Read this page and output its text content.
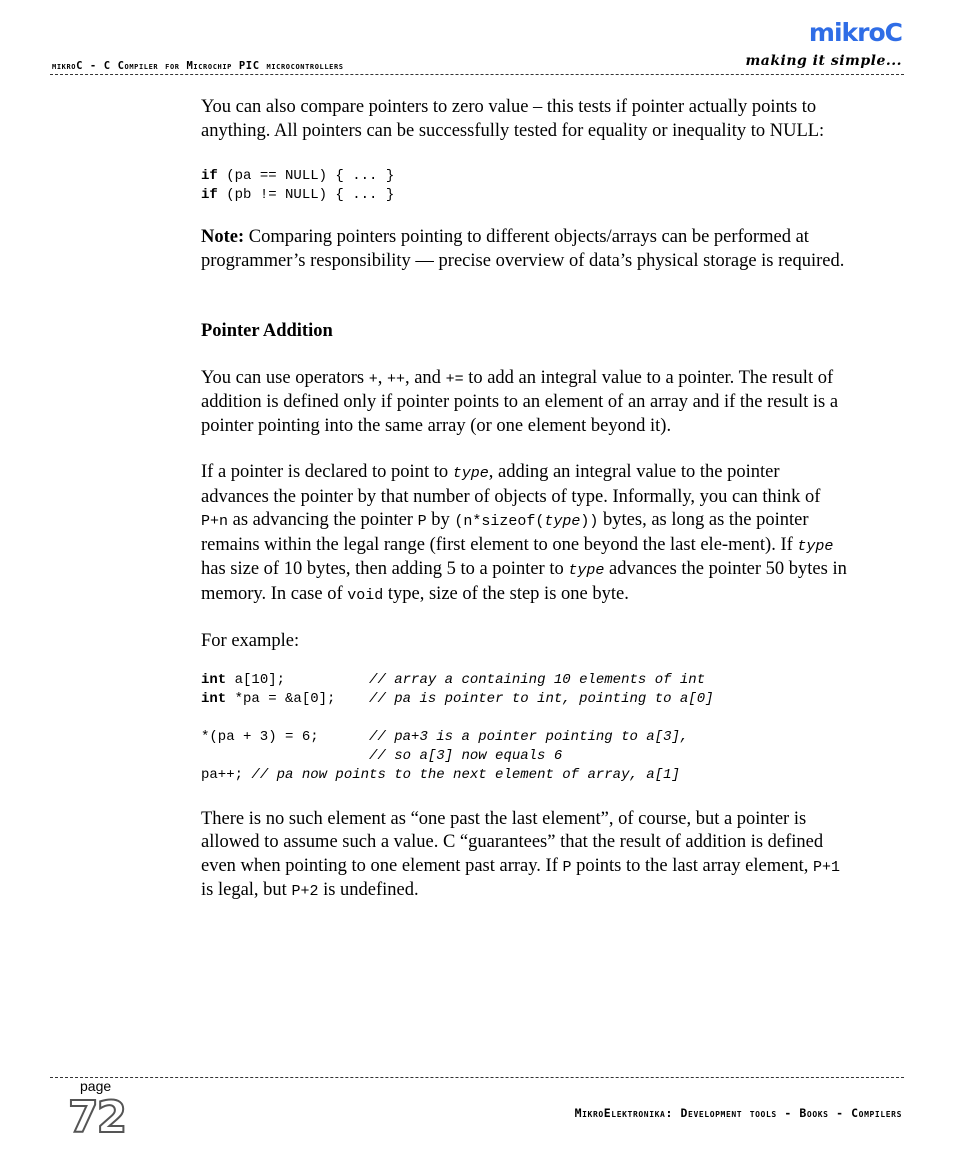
mikroC - C Compiler for Microchip PIC microcontrollers
mikroC
making it simple...

You can also compare pointers to zero value – this tests if pointer actually points to anything. All pointers can be successfully tested for equality or inequality to NULL:

if (pa == NULL) { ... }
if (pb != NULL) { ... }

Note: Comparing pointers pointing to different objects/arrays can be performed at programmer’s responsibility — precise overview of data’s physical storage is required.

Pointer Addition

You can use operators +, ++, and += to add an integral value to a pointer. The result of addition is defined only if pointer points to an element of an array and if the result is a pointer pointing into the same array (or one element beyond it).

If a pointer is declared to point to type, adding an integral value to the pointer advances the pointer by that number of objects of type. Informally, you can think of P+n as advancing the pointer P by (n*sizeof(type)) bytes, as long as the pointer remains within the legal range (first element to one beyond the last ele-ment). If type has size of 10 bytes, then adding 5 to a pointer to type advances the pointer 50 bytes in memory. In case of void type, size of the step is one byte.

For example:

int a[10];          // array a containing 10 elements of int
int *pa = &a[0];    // pa is pointer to int, pointing to a[0]

*(pa + 3) = 6;      // pa+3 is a pointer pointing to a[3],
// so a[3] now equals 6
pa++; // pa now points to the next element of array, a[1]

There is no such element as “one past the last element”, of course, but a pointer is allowed to assume such a value. C “guarantees” that the result of addition is defined even when pointing to one element past array. If P points to the last array element, P+1 is legal, but P+2 is undefined.

page
72	MikroElektronika: Development tools - Books - Compilers
